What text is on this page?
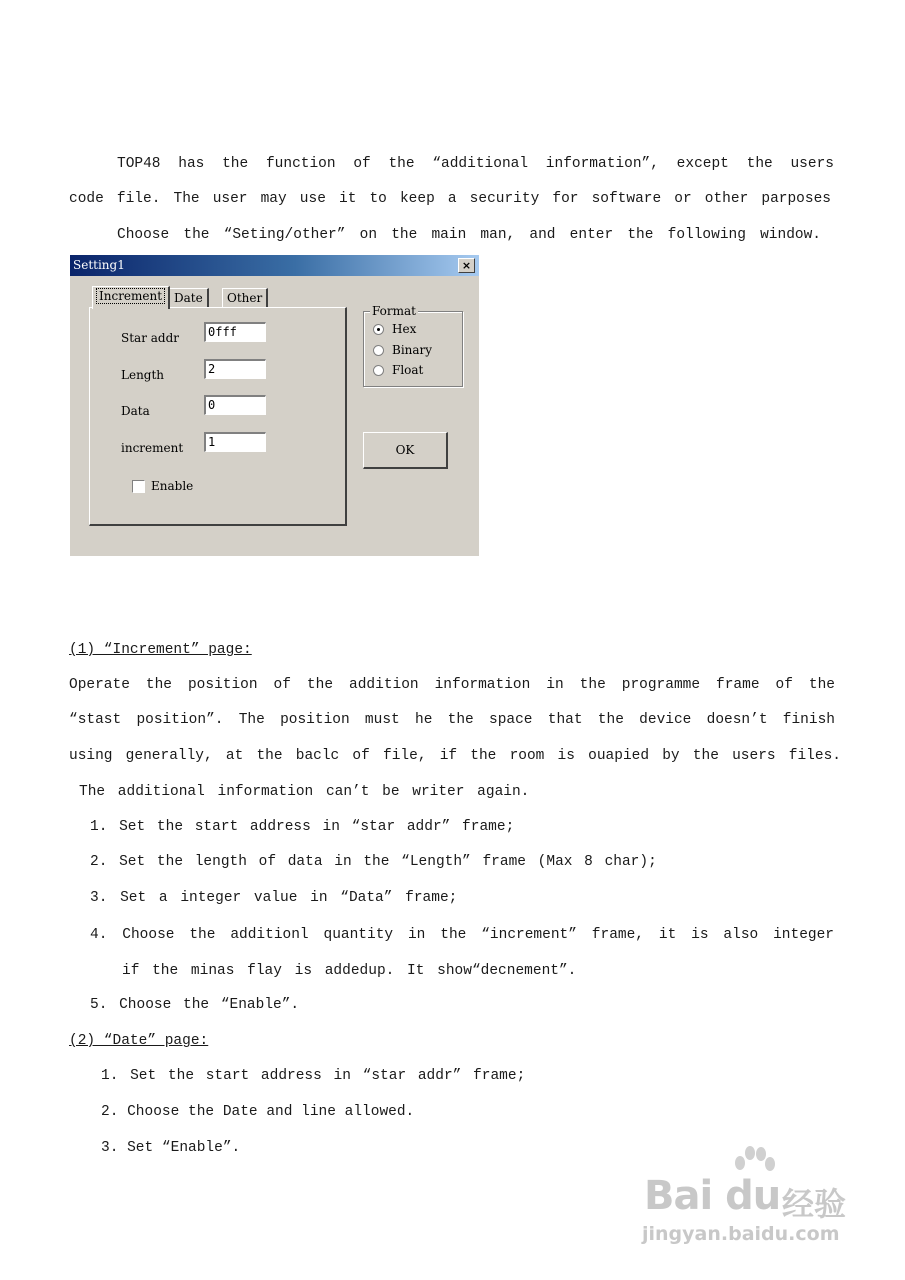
TOP48 has the function of the “additional information”, except the users
code file. The user may use it to keep a security for software or other parposes
Choose the “Seting/other” on the main man, and enter the following window.
Setting1	×
Increment Date	Other
Star addr	0fff
Length	2
Data	0
increment	1
Enable
Format
Hex
Binary
Float
OK
(1) “Increment” page:
Operate the position of the addition information in the programme frame of the
“stast position”. The position must he the space that the device doesn’t finish
using generally, at the baclc of file, if the room is ouapied by the users files.
The additional information can’t be writer again.
1. Set the start address in “star addr” frame;
2. Set the length of data in the “Length” frame (Max 8 char);
3. Set a integer value in “Data” frame;
4. Choose the additionl quantity in the “increment” frame, it is also integer
if the minas flay is addedup. It show“decnement”.
5. Choose the “Enable”.
(2) “Date” page:
1. Set the start address in “star addr” frame;
2. Choose the Date and line allowed.
3. Set “Enable”.
Bai du 经验
jingyan.baidu.com
